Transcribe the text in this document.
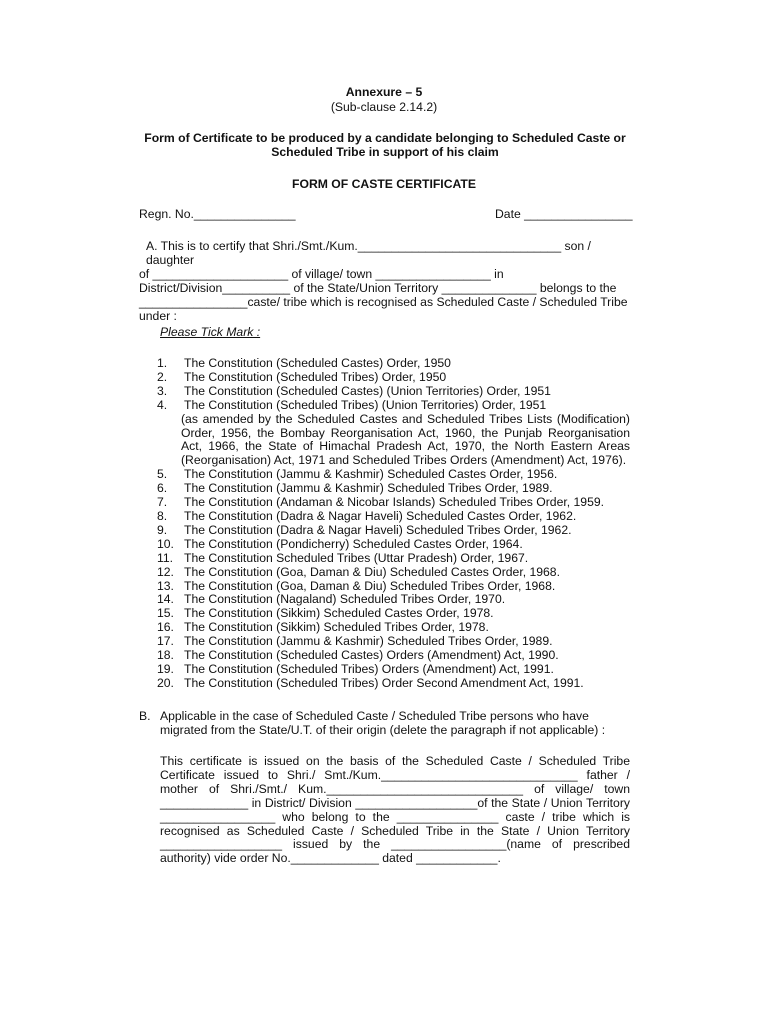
Annexure – 5
(Sub-clause 2.14.2)
Form of Certificate to be produced by a candidate belonging to Scheduled Caste or
Scheduled Tribe in support of his claim
FORM OF CASTE CERTIFICATE
Regn. No._______________	Date ________________
A. This is to certify that Shri./Smt./Kum.______________________________ son / daughter
of ____________________ of village/ town _________________ in
District/Division__________ of the State/Union Territory ______________ belongs to the
________________caste/ tribe which is recognised as Scheduled Caste / Scheduled Tribe
under :
Please Tick Mark :
1.	The Constitution (Scheduled Castes) Order, 1950
2.	The Constitution (Scheduled Tribes) Order, 1950
3.	The Constitution (Scheduled Castes) (Union Territories) Order, 1951
4.	The Constitution (Scheduled Tribes) (Union Territories) Order, 1951
(as amended by the Scheduled Castes and Scheduled Tribes Lists (Modification) Order, 1956, the Bombay Reorganisation Act, 1960, the Punjab Reorganisation Act, 1966, the State of Himachal Pradesh Act, 1970, the North Eastern Areas (Reorganisation) Act, 1971 and Scheduled Tribes Orders (Amendment) Act, 1976).
5.	The Constitution (Jammu & Kashmir) Scheduled Castes Order, 1956.
6.	The Constitution (Jammu & Kashmir) Scheduled Tribes Order, 1989.
7.	The Constitution (Andaman & Nicobar Islands) Scheduled Tribes Order, 1959.
8.	The Constitution (Dadra & Nagar Haveli) Scheduled Castes Order, 1962.
9.	The Constitution (Dadra & Nagar Haveli) Scheduled Tribes Order, 1962.
10. The Constitution (Pondicherry) Scheduled Castes Order, 1964.
11. The Constitution Scheduled Tribes (Uttar Pradesh) Order, 1967.
12. The Constitution (Goa, Daman & Diu) Scheduled Castes Order, 1968.
13. The Constitution (Goa, Daman & Diu) Scheduled Tribes Order, 1968.
14. The Constitution (Nagaland) Scheduled Tribes Order, 1970.
15. The Constitution (Sikkim) Scheduled Castes Order, 1978.
16. The Constitution (Sikkim) Scheduled Tribes Order, 1978.
17. The Constitution (Jammu & Kashmir) Scheduled Tribes Order, 1989.
18. The Constitution (Scheduled Castes) Orders (Amendment) Act, 1990.
19. The Constitution (Scheduled Tribes) Orders (Amendment) Act, 1991.
20. The Constitution (Scheduled Tribes) Order Second Amendment Act, 1991.
B. Applicable in the case of Scheduled Caste / Scheduled Tribe persons who have migrated from the State/U.T. of their origin (delete the paragraph if not applicable) :
This certificate is issued on the basis of the Scheduled Caste / Scheduled Tribe Certificate issued to Shri./ Smt./Kum._____________________________ father / mother of Shri./Smt./ Kum._____________________________ of village/ town _____________ in District/ Division __________________of the State / Union Territory _________________ who belong to the _______________ caste / tribe which is recognised as Scheduled Caste / Scheduled Tribe in the State / Union Territory __________________ issued by the _________________(name of prescribed authority) vide order No._____________ dated ____________.
